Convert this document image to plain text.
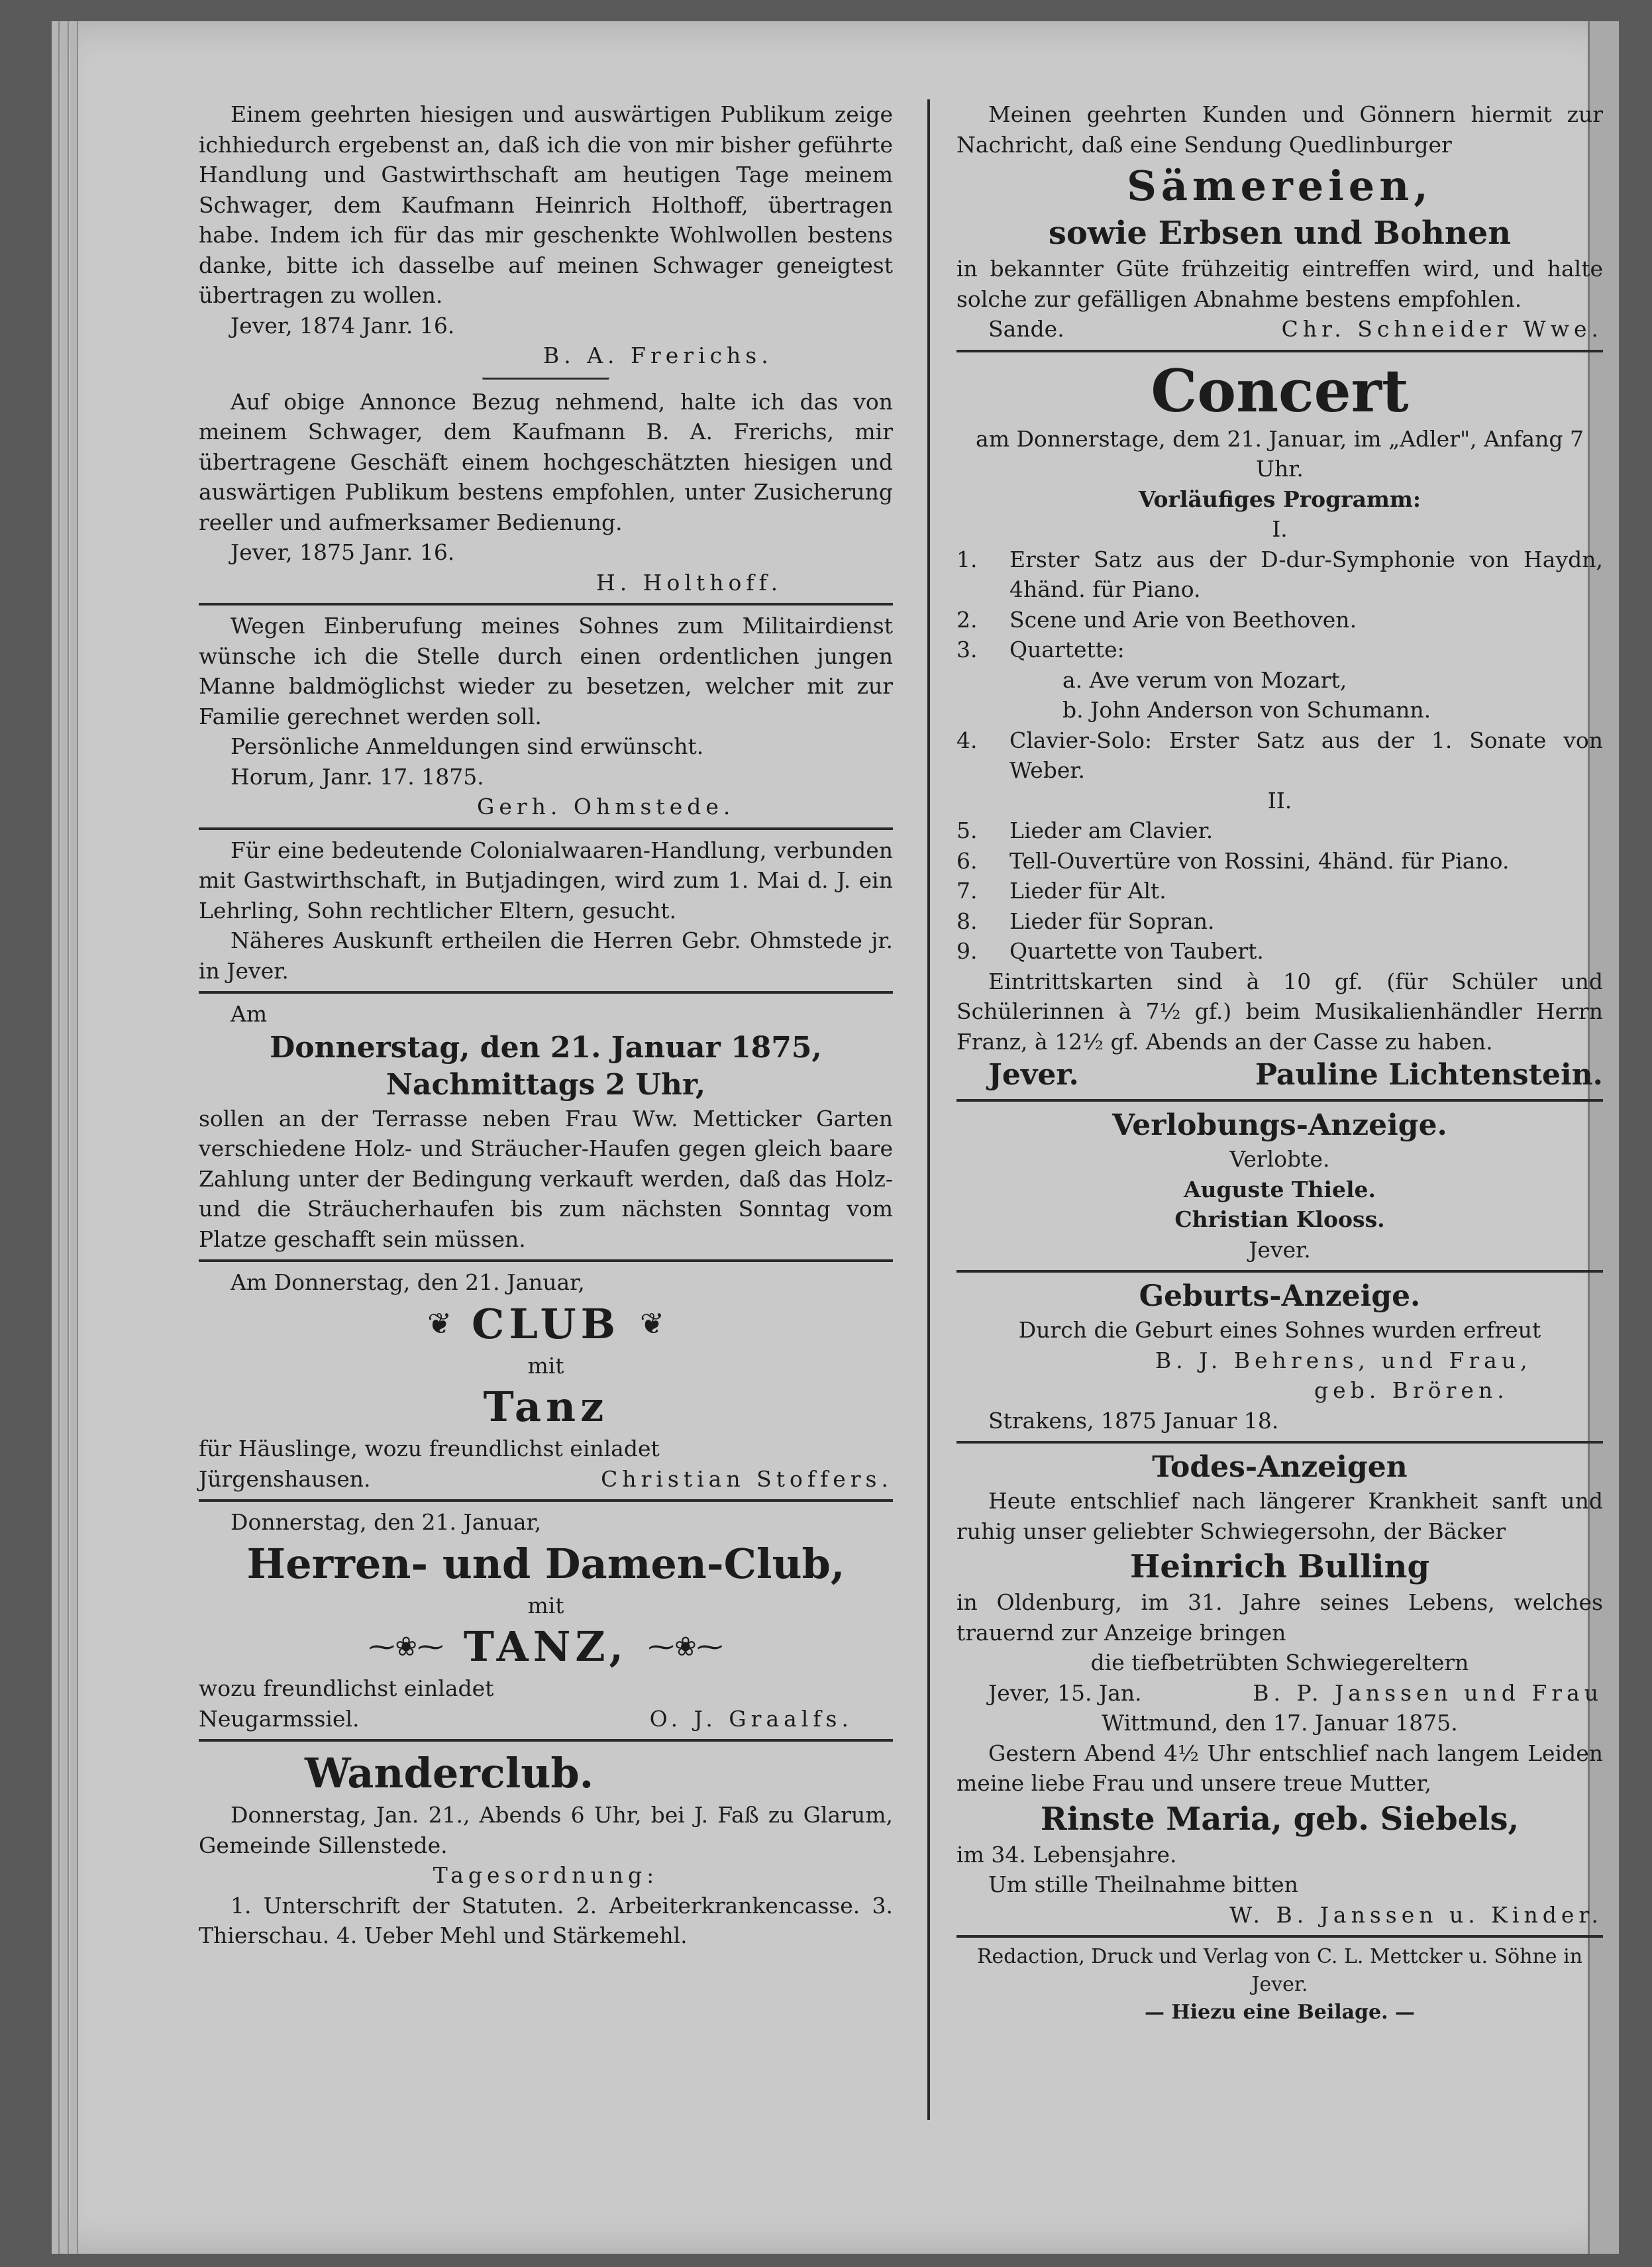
Einem geehrten hiesigen und auswärtigen Publikum zeige ichhiedurch ergebenst an, daß ich die von mir bisher geführte Handlung und Gastwirthschaft am heutigen Tage meinem Schwager, dem Kaufmann Heinrich Holthoff, übertragen habe. Indem ich für das mir geschenkte Wohlwollen bestens danke, bitte ich dasselbe auf meinen Schwager geneigtest übertragen zu wollen.

Jever, 1874 Janr. 16.

B. A. Frerichs.

Auf obige Annonce Bezug nehmend, halte ich das von meinem Schwager, dem Kaufmann B. A. Frerichs, mir übertragene Geschäft einem hochgeschätzten hiesigen und auswärtigen Publikum bestens empfohlen, unter Zusicherung reeller und aufmerksamer Bedienung.

Jever, 1875 Janr. 16.

H. Holthoff.

Wegen Einberufung meines Sohnes zum Militairdienst wünsche ich die Stelle durch einen ordentlichen jungen Manne baldmöglichst wieder zu besetzen, welcher mit zur Familie gerechnet werden soll.

Persönliche Anmeldungen sind erwünscht.

Horum, Janr. 17. 1875.

Gerh. Ohmstede.

Für eine bedeutende Colonialwaaren-Handlung, verbunden mit Gastwirthschaft, in Butjadingen, wird zum 1. Mai d. J. ein Lehrling, Sohn rechtlicher Eltern, gesucht.

Näheres Auskunft ertheilen die Herren Gebr. Ohmstede jr. in Jever.

Am

Donnerstag, den 21. Januar 1875,

Nachmittags 2 Uhr,

sollen an der Terrasse neben Frau Ww. Metticker Garten verschiedene Holz- und Sträucher-Haufen gegen gleich baare Zahlung unter der Bedingung verkauft werden, daß das Holz- und die Sträucherhaufen bis zum nächsten Sonntag vom Platze geschafft sein müssen.

Am Donnerstag, den 21. Januar,

❦ CLUB ❦

mit

Tanz

für Häuslinge, wozu freundlichst einladet

Jürgenshausen.	Christian Stoffers.

Donnerstag, den 21. Januar,

Herren- und Damen-Club,

mit

⁓❀⁓ TANZ, ⁓❀⁓

wozu freundlichst einladet

Neugarmssiel.	O. J. Graalfs.

Wanderclub.

Donnerstag, Jan. 21., Abends 6 Uhr, bei J. Faß zu Glarum, Gemeinde Sillenstede.

Tagesordnung:

1. Unterschrift der Statuten. 2. Arbeiterkrankencasse. 3. Thierschau. 4. Ueber Mehl und Stärkemehl.

Meinen geehrten Kunden und Gönnern hiermit zur Nachricht, daß eine Sendung Quedlinburger

Sämereien,

sowie Erbsen und Bohnen

in bekannter Güte frühzeitig eintreffen wird, und halte solche zur gefälligen Abnahme bestens empfohlen.

Sande.	Chr. Schneider Wwe.

Concert

am Donnerstage, dem 21. Januar, im „Adler", Anfang 7 Uhr.

Vorläufiges Programm:

I.

1.	Erster Satz aus der D-dur-Symphonie von Haydn, 4händ. für Piano.
2.	Scene und Arie von Beethoven.
3.	Quartette:
a. Ave verum von Mozart,
b. John Anderson von Schumann.
4.	Clavier-Solo: Erster Satz aus der 1. Sonate von Weber.

II.

5.	Lieder am Clavier.
6.	Tell-Ouvertüre von Rossini, 4händ. für Piano.
7.	Lieder für Alt.
8.	Lieder für Sopran.
9.	Quartette von Taubert.

Eintrittskarten sind à 10 gf. (für Schüler und Schülerinnen à 7½ gf.) beim Musikalienhändler Herrn Franz, à 12½ gf. Abends an der Casse zu haben.

Jever.	Pauline Lichtenstein.

Verlobungs-Anzeige.

Verlobte.

Auguste Thiele.

Christian Klooss.

Jever.

Geburts-Anzeige.

Durch die Geburt eines Sohnes wurden erfreut

B. J. Behrens, und Frau,

geb. Brören.

Strakens, 1875 Januar 18.

Todes-Anzeigen

Heute entschlief nach längerer Krankheit sanft und ruhig unser geliebter Schwiegersohn, der Bäcker

Heinrich Bulling

in Oldenburg, im 31. Jahre seines Lebens, welches trauernd zur Anzeige bringen

die tiefbetrübten Schwiegereltern

Jever, 15. Jan.	B. P. Janssen und Frau

Wittmund, den 17. Januar 1875.

Gestern Abend 4½ Uhr entschlief nach langem Leiden meine liebe Frau und unsere treue Mutter,

Rinste Maria, geb. Siebels,

im 34. Lebensjahre.

Um stille Theilnahme bitten

W. B. Janssen u. Kinder.

Redaction, Druck und Verlag von C. L. Mettcker u. Söhne in Jever.

— Hiezu eine Beilage. —
